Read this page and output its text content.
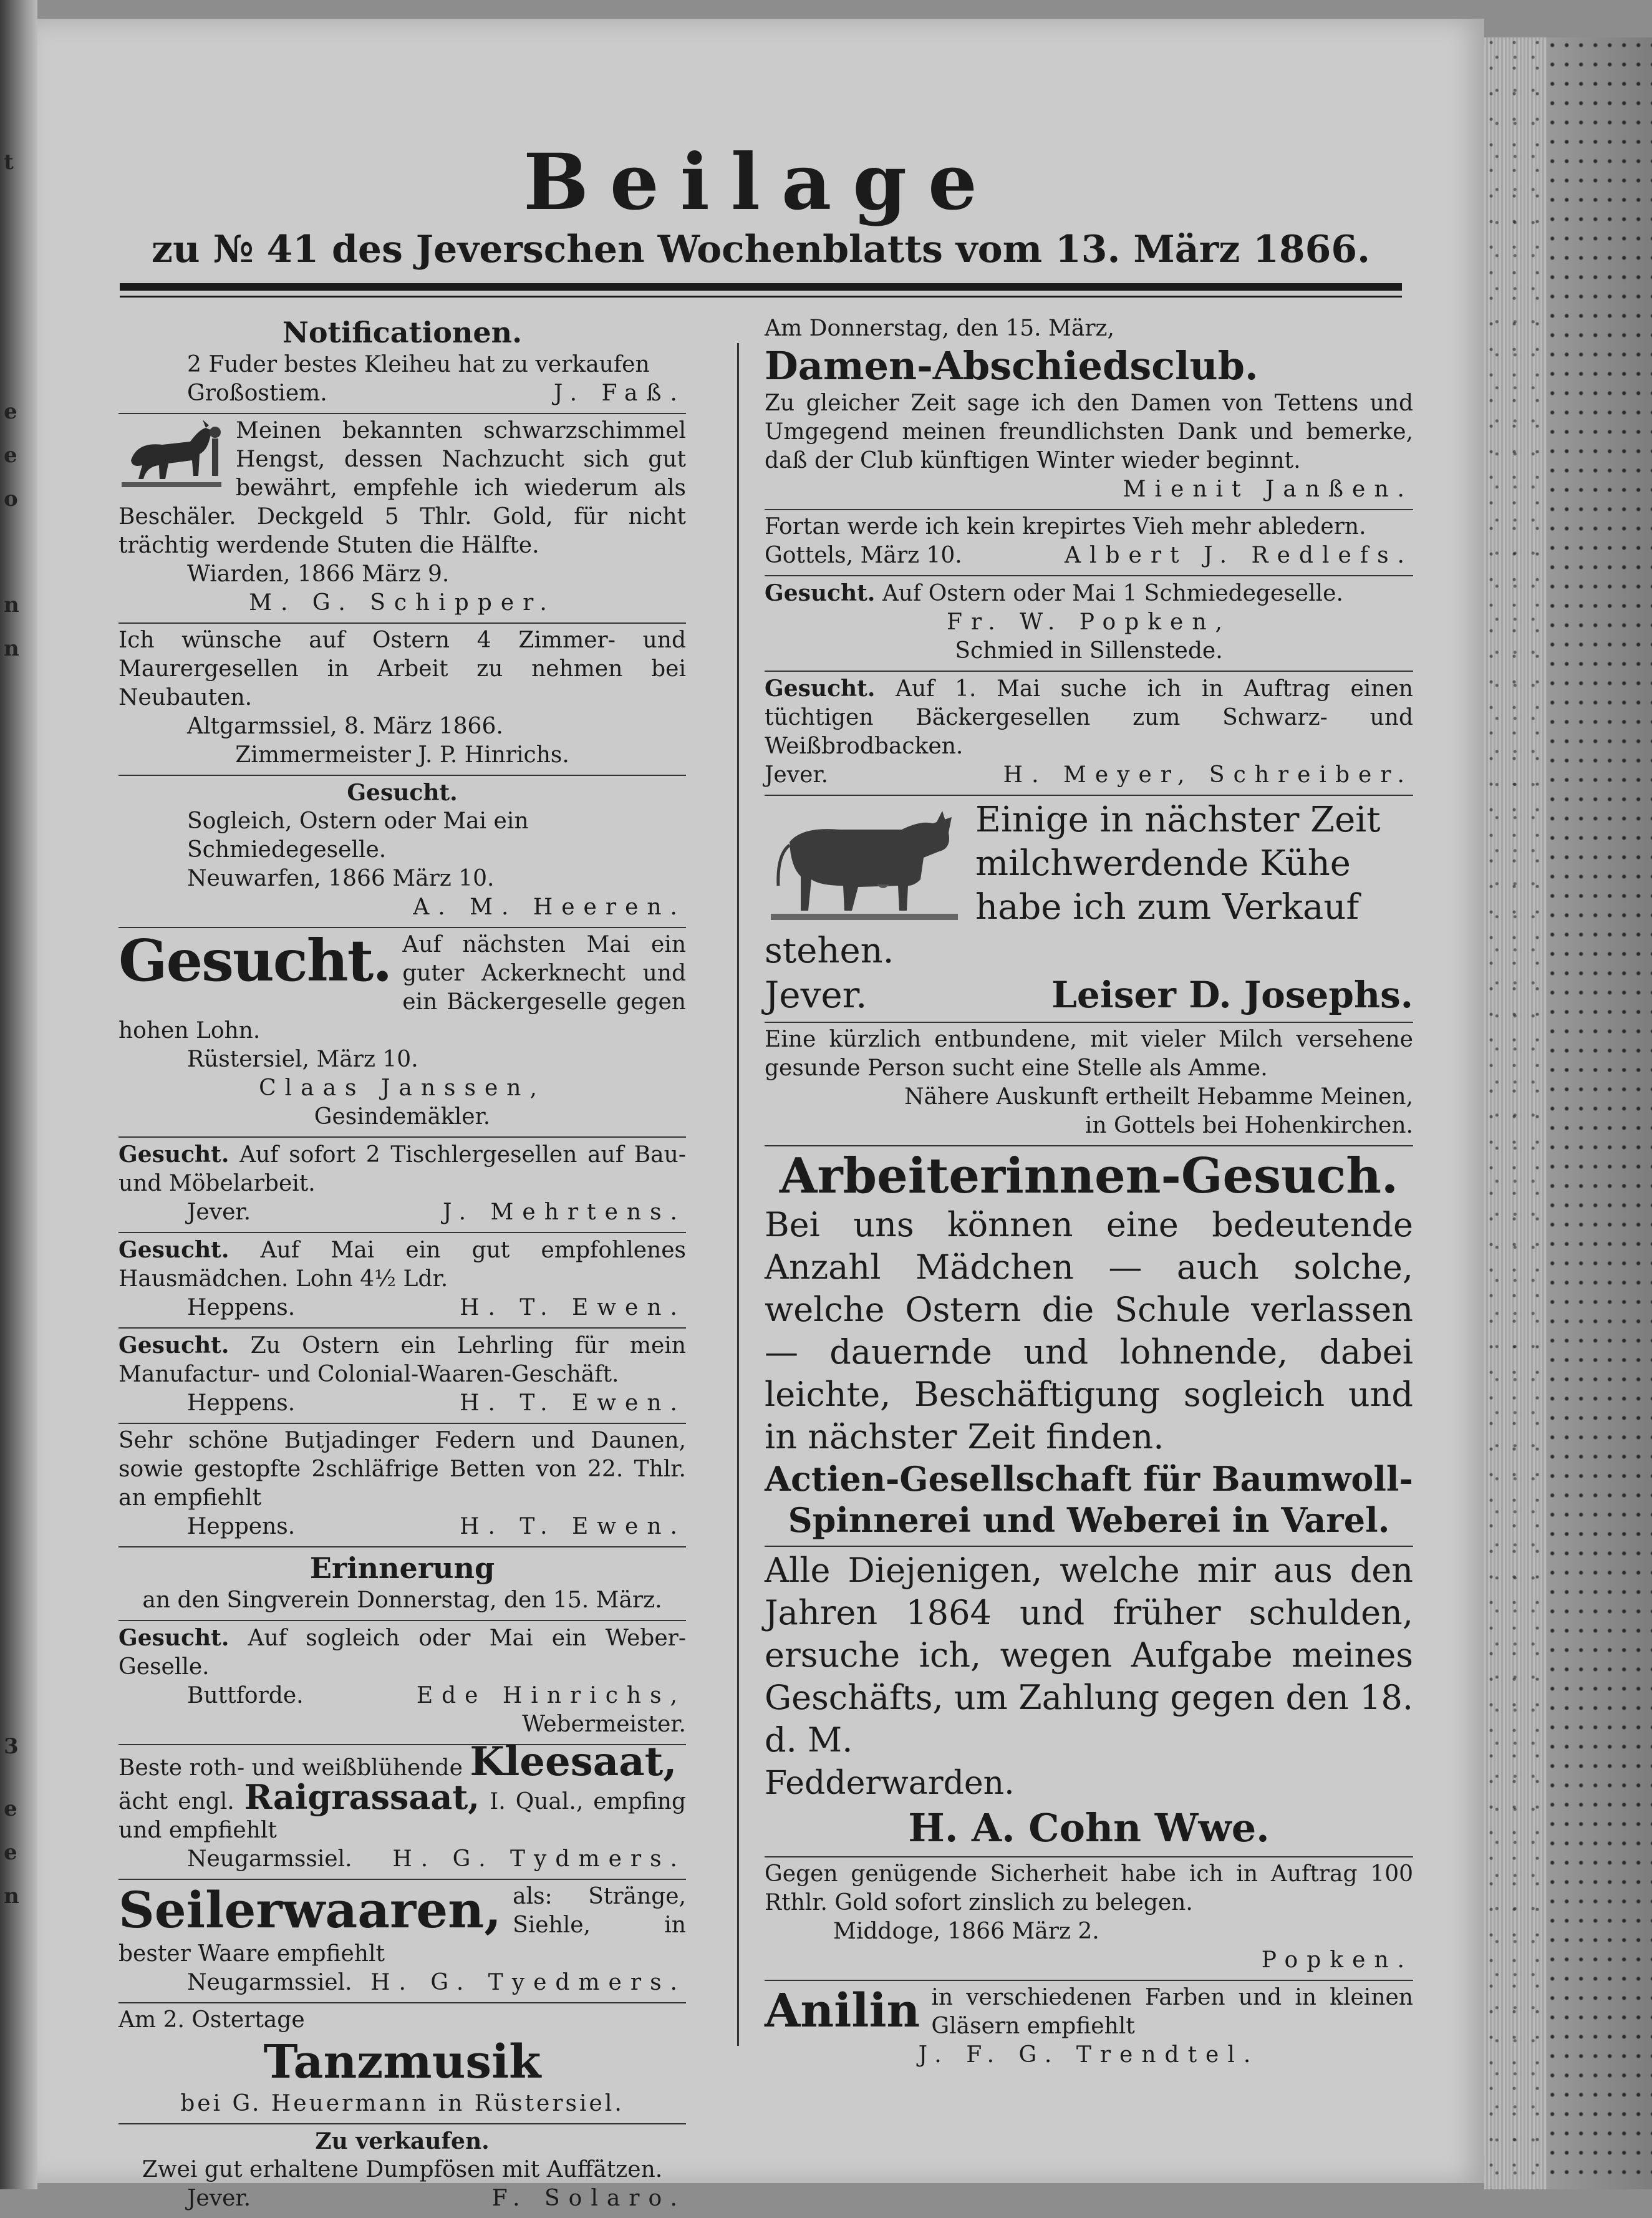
t
e
e
o
n
n
3
e
e
n
Beilage
zu № 41 des Jeverschen Wochenblatts vom 13. März 1866.
Notificationen.
2 Fuder bestes Kleiheu hat zu verkaufen
Großostiem.	J. Faß.
Meinen bekannten schwarzschimmel Hengst, dessen Nachzucht sich gut bewährt, empfehle ich wiederum als Beschäler. Deckgeld 5 Thlr. Gold, für nicht trächtig werdende Stuten die Hälfte.
Wiarden, 1866 März 9.
M. G. Schipper.
Ich wünsche auf Ostern 4 Zimmer- und Maurergesellen in Arbeit zu nehmen bei Neubauten.
Altgarmssiel, 8. März 1866.
Zimmermeister J. P. Hinrichs.
Gesucht.
Sogleich, Ostern oder Mai ein Schmiedegeselle.
Neuwarfen, 1866 März 10.
A. M. Heeren.
Gesucht. Auf nächsten Mai ein guter Ackerknecht und ein Bäckergeselle gegen hohen Lohn.
Rüstersiel, März 10.
Claas Janssen,
Gesindemäkler.
Gesucht. Auf sofort 2 Tischlergesellen auf Bau- und Möbelarbeit.
Jever.	J. Mehrtens.
Gesucht. Auf Mai ein gut empfohlenes Hausmädchen. Lohn 4½ Ldr.
Heppens.	H. T. Ewen.
Gesucht. Zu Ostern ein Lehrling für mein Manufactur- und Colonial-Waaren-Geschäft.
Heppens.	H. T. Ewen.
Sehr schöne Butjadinger Federn und Daunen, sowie gestopfte 2schläfrige Betten von 22. Thlr. an empfiehlt
Heppens.	H. T. Ewen.
Erinnerung
an den Singverein Donnerstag, den 15. März.
Gesucht. Auf sogleich oder Mai ein Weber-Geselle.
Buttforde.	Ede Hinrichs,
Webermeister.
Beste roth- und weißblühende Kleesaat,
ächt engl. Raigrassaat, I. Qual., empfing und empfiehlt
Neugarmssiel. H. G. Tydmers.
Seilerwaaren, als: Stränge, Siehle, in bester Waare empfiehlt
Neugarmssiel. H. G. Tyedmers.
Am 2. Ostertage
Tanzmusik
bei G. Heuermann in Rüstersiel.
Zu verkaufen.
Zwei gut erhaltene Dumpfösen mit Auffätzen.
Jever.	F. Solaro.
Am Donnerstag, den 15. März,
Damen-Abschiedsclub.
Zu gleicher Zeit sage ich den Damen von Tettens und Umgegend meinen freundlichsten Dank und bemerke, daß der Club künftigen Winter wieder beginnt.
Mienit Janßen.
Fortan werde ich kein krepirtes Vieh mehr abledern.
Gottels, März 10.	Albert J. Redlefs.
Gesucht. Auf Ostern oder Mai 1 Schmiedegeselle.
Fr. W. Popken,
Schmied in Sillenstede.
Gesucht. Auf 1. Mai suche ich in Auftrag einen tüchtigen Bäckergesellen zum Schwarz- und Weißbrodbacken.
Jever.	H. Meyer, Schreiber.
Einige in nächster Zeit milchwerdende Kühe habe ich zum Verkauf stehen.
Jever.	Leiser D. Josephs.
Eine kürzlich entbundene, mit vieler Milch versehene gesunde Person sucht eine Stelle als Amme.
Nähere Auskunft ertheilt Hebamme Meinen,
in Gottels bei Hohenkirchen.
Arbeiterinnen-Gesuch.
Bei uns können eine bedeutende Anzahl Mädchen — auch solche, welche Ostern die Schule verlassen — dauernde und lohnende, dabei leichte, Beschäftigung sogleich und in nächster Zeit finden.
Actien-Gesellschaft für Baumwoll-Spinnerei und Weberei in Varel.
Alle Diejenigen, welche mir aus den Jahren 1864 und früher schulden, ersuche ich, wegen Aufgabe meines Geschäfts, um Zahlung gegen den 18. d. M.
Fedderwarden.
H. A. Cohn Wwe.
Gegen genügende Sicherheit habe ich in Auftrag 100 Rthlr. Gold sofort zinslich zu belegen.
Middoge, 1866 März 2.
Popken.
Anilin in verschiedenen Farben und in kleinen Gläsern empfiehlt
J. F. G. Trendtel.
